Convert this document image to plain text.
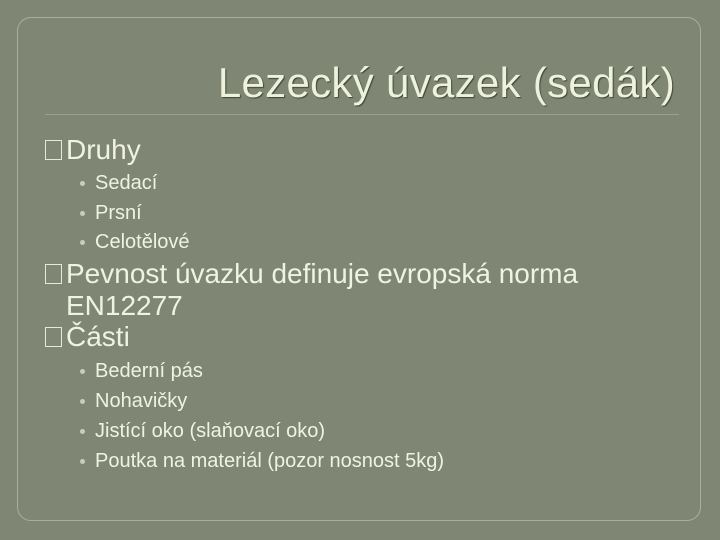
Lezecký úvazek (sedák)
Druhy
Sedací
Prsní
Celotělové
Pevnost úvazku definuje evropská norma
EN12277
Části
Bederní pás
Nohavičky
Jistící oko (slaňovací oko)
Poutka na materiál (pozor nosnost 5kg)
